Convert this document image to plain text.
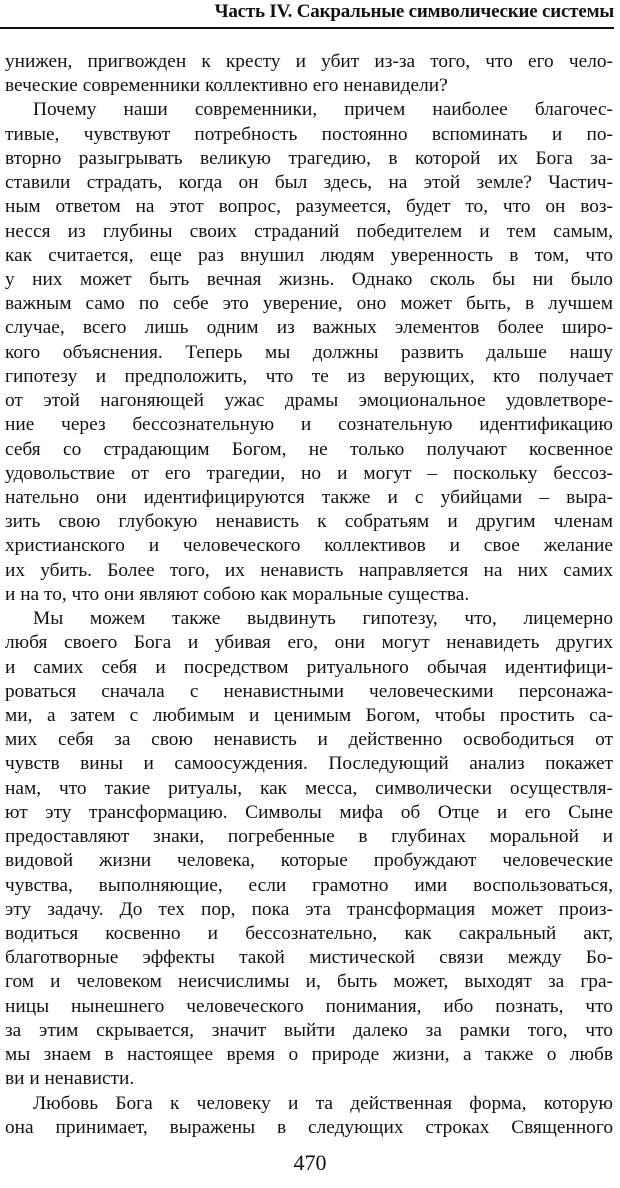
Часть IV. Сакральные символические системы
унижен, пригвожден к кресту и убит из-за того, что его чело-
веческие современники коллективно его ненавидели?
Почему наши современники, причем наиболее благочес-
тивые, чувствуют потребность постоянно вспоминать и по-
вторно разыгрывать великую трагедию, в которой их Бога за-
ставили страдать, когда он был здесь, на этой земле? Частич-
ным ответом на этот вопрос, разумеется, будет то, что он воз-
несся из глубины своих страданий победителем и тем самым,
как считается, еще раз внушил людям уверенность в том, что
у них может быть вечная жизнь. Однако сколь бы ни было
важным само по себе это уверение, оно может быть, в лучшем
случае, всего лишь одним из важных элементов более широ-
кого объяснения. Теперь мы должны развить дальше нашу
гипотезу и предположить, что те из верующих, кто получает
от этой нагоняющей ужас драмы эмоциональное удовлетворе-
ние через бессознательную и сознательную идентификацию
себя со страдающим Богом, не только получают косвенное
удовольствие от его трагедии, но и могут – поскольку бессоз-
нательно они идентифицируются также и с убийцами – выра-
зить свою глубокую ненависть к собратьям и другим членам
христианского и человеческого коллективов и свое желание
их убить. Более того, их ненависть направляется на них самих
и на то, что они являют собою как моральные существа.
Мы можем также выдвинуть гипотезу, что, лицемерно
любя своего Бога и убивая его, они могут ненавидеть других
и самих себя и посредством ритуального обычая идентифици-
роваться сначала с ненавистными человеческими персонажа-
ми, а затем с любимым и ценимым Богом, чтобы простить са-
мих себя за свою ненависть и действенно освободиться от
чувств вины и самоосуждения. Последующий анализ покажет
нам, что такие ритуалы, как месса, символически осуществля-
ют эту трансформацию. Символы мифа об Отце и его Сыне
предоставляют знаки, погребенные в глубинах моральной и
видовой жизни человека, которые пробуждают человеческие
чувства, выполняющие, если грамотно ими воспользоваться,
эту задачу. До тех пор, пока эта трансформация может произ-
водиться косвенно и бессознательно, как сакральный акт,
благотворные эффекты такой мистической связи между Бо-
гом и человеком неисчислимы и, быть может, выходят за гра-
ницы нынешнего человеческого понимания, ибо познать, что
за этим скрывается, значит выйти далеко за рамки того, что
мы знаем в настоящее время о природе жизни, а также о любв
ви и ненависти.
Любовь Бога к человеку и та действенная форма, которую
она принимает, выражены в следующих строках Священного
470
